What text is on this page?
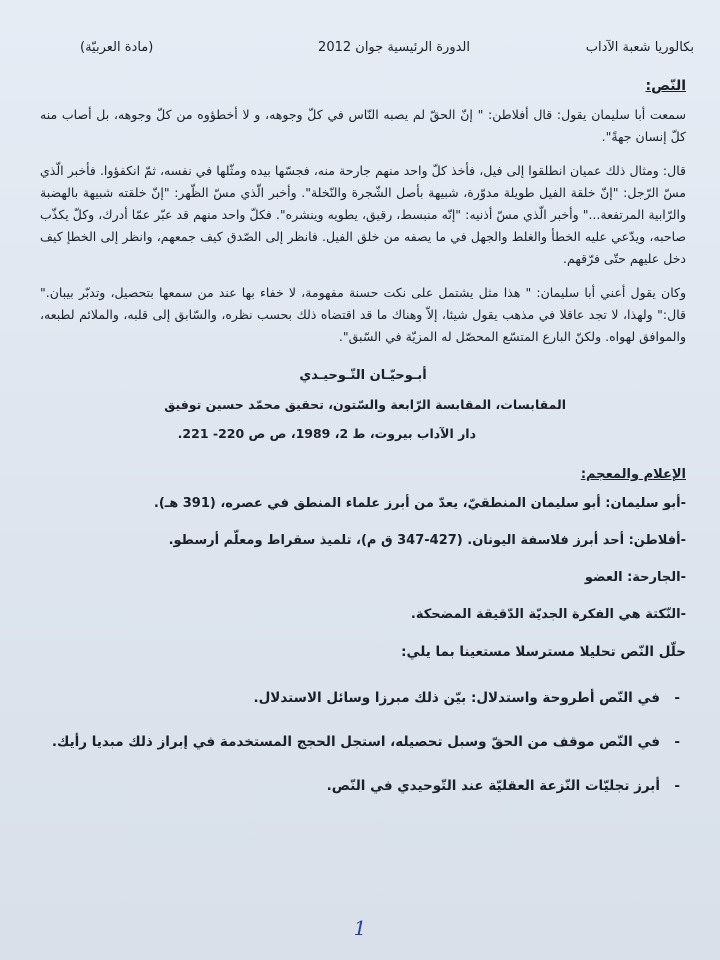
بكالوريا شعبة الآداب
الدورة الرئيسية جوان 2012
(مادة العربيّة)
النّص:

سمعت أبا سليمان يقول: قال أفلاطن: " إنّ الحقّ لم يصبه النّاس في كلّ وجوهه، و لا أخطؤوه من كلّ وجوهه، بل أصاب منه كلّ إنسان جهةً".

قال: ومثال ذلك عميان انطلقوا إلى فيل، فأخذ كلّ واحد منهم جارحة منه، فجسّها بيده ومثّلها في نفسه، ثمّ انكفؤوا. فأخبر الّذي مسّ الرّجل: "إنّ خلقة الفيل طويلة مدوّرة، شبيهة بأصل الشّجرة والنّخلة". وأخبر الّذي مسّ الظّهر: "إنّ خلقته شبيهة بالهضبة والرّابية المرتفعة..." وأخبر الّذي مسّ أذنيه: "إنّه منبسط، رقيق، يطويه وينشره". فكلّ واحد منهم قد عبّر عمّا أدرك، وكلّ يكذّب صاحبه، ويدّعي عليه الخطأ والغلط والجهل في ما يصفه من خلق الفيل. فانظر إلى الصّدق كيف جمعهم، وانظر إلى الخطإ كيف دخل عليهم حتّى فرّقهم.

وكان يقول أعني أبا سليمان: " هذا مثل يشتمل على نكت حسنة مفهومة، لا خفاء بها عند من سمعها بتحصيل، وتدبّر بيبان." قال:" ولهذا، لا تجد عاقلا في مذهب يقول شيئا، إلاّ وهناك ما قد اقتضاه ذلك بحسب نظره، والسّابق إلى قلبه، والملائم لطبعه، والموافق لهواه. ولكنّ البارع المتسّع المحصّل له المزيّة في السّبق".

أبـوحيّـان التّـوحيـدي
المقابسات، المقابسة الرّابعة والسّتون، تحقيق محمّد حسين توفيق
دار الآداب بيروت، ط 2، 1989، ص ص 220- 221.
الإعلام والمعجم:
-أبو سليمان: أبو سليمان المنطقيّ، يعدّ من أبرز علماء المنطق في عصره، (391 هـ).
-أفلاطن: أحد أبرز فلاسفة اليونان. (427-347 ق م)، تلميذ سقراط ومعلّم أرسطو.
-الجارحة: العضو
-النّكتة هي الفكرة الجديّة الدّقيقة المضحكة.
حلّل النّص تحليلا مسترسلا مستعينا بما يلي:
-
في النّص أطروحة واستدلال: بيّن ذلك مبرزا وسائل الاستدلال.
-
في النّص موقف من الحقّ وسبل تحصيله، استجل الحجج المستخدمة في إبراز ذلك مبديا رأيك.
-
أبرز تجليّات النّزعة العقليّة عند التّوحيدي في النّص.
1
